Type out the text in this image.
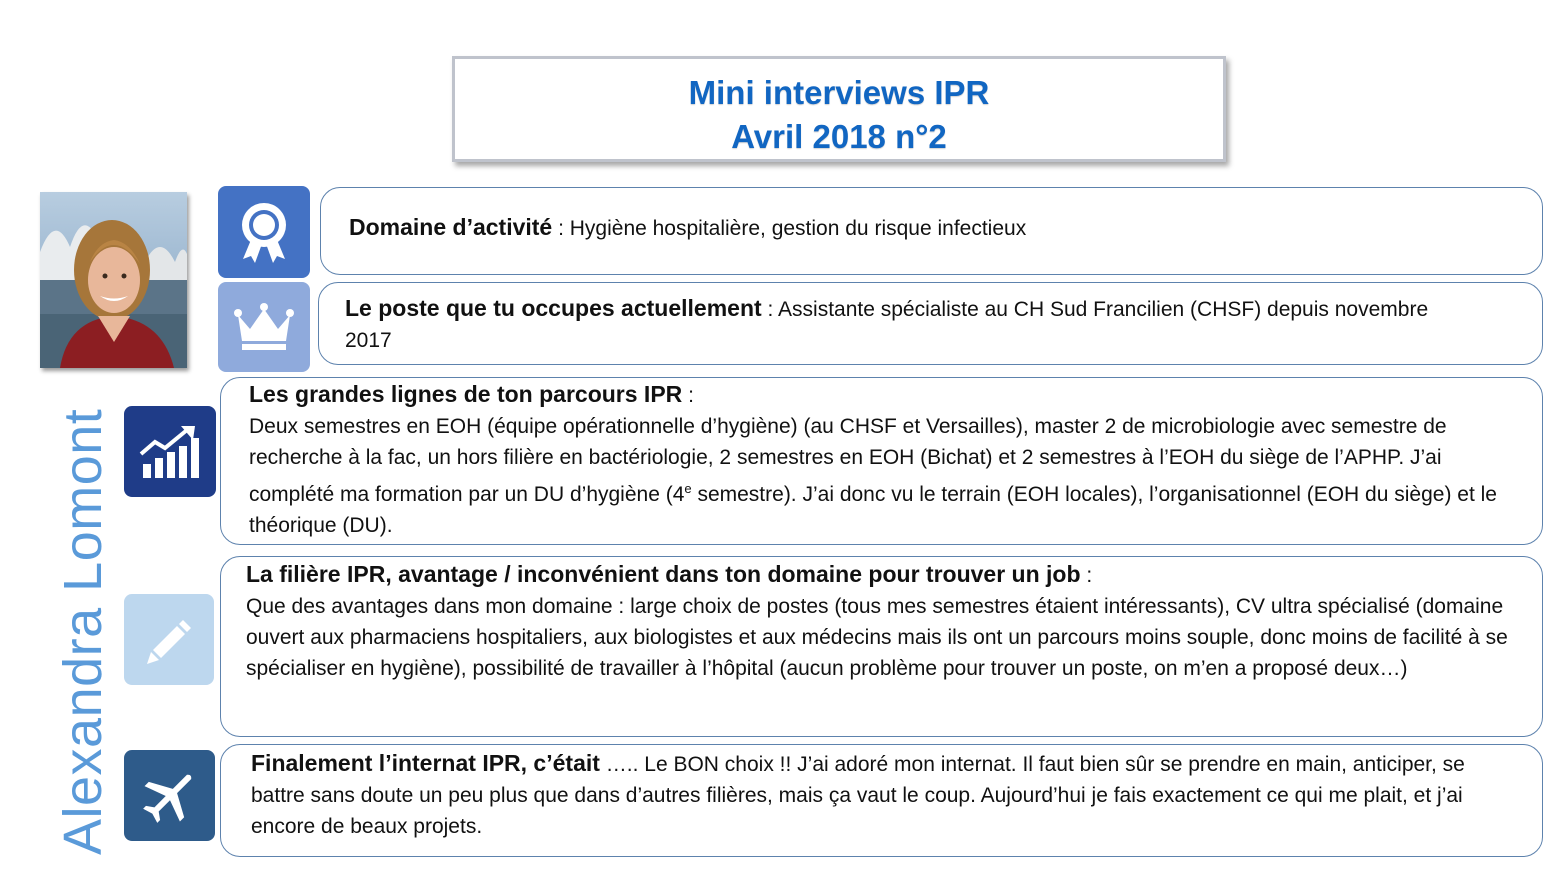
Mini interviews IPR
Avril 2018 n°2
Alexandra Lomont
Domaine d’activité : Hygiène hospitalière, gestion du risque infectieux
Le poste que tu occupes actuellement : Assistante spécialiste au CH Sud Francilien (CHSF) depuis novembre 2017
Les grandes lignes de ton parcours IPR :
Deux semestres en EOH (équipe opérationnelle d’hygiène) (au CHSF et Versailles), master 2 de microbiologie avec semestre de recherche à la fac, un hors filière en bactériologie, 2 semestres en EOH (Bichat) et 2 semestres à l’EOH du siège de l’APHP. J’ai complété ma formation par un DU d’hygiène (4e semestre). J’ai donc vu le terrain (EOH locales), l’organisationnel (EOH du siège) et le théorique (DU).
La filière IPR, avantage / inconvénient dans ton domaine pour trouver un job :
Que des avantages dans mon domaine : large choix de postes (tous mes semestres étaient intéressants), CV ultra spécialisé (domaine ouvert aux pharmaciens hospitaliers, aux biologistes et aux médecins mais ils ont un parcours moins souple, donc moins de facilité à se spécialiser en hygiène), possibilité de travailler à l’hôpital (aucun problème pour trouver un poste, on m’en a proposé deux…)
Finalement l’internat IPR, c’était ….. Le BON choix !! J’ai adoré mon internat. Il faut bien sûr se prendre en main, anticiper, se battre sans doute un peu plus que dans d’autres filières, mais ça vaut le coup. Aujourd’hui je fais exactement ce qui me plait, et j’ai encore de beaux projets.
